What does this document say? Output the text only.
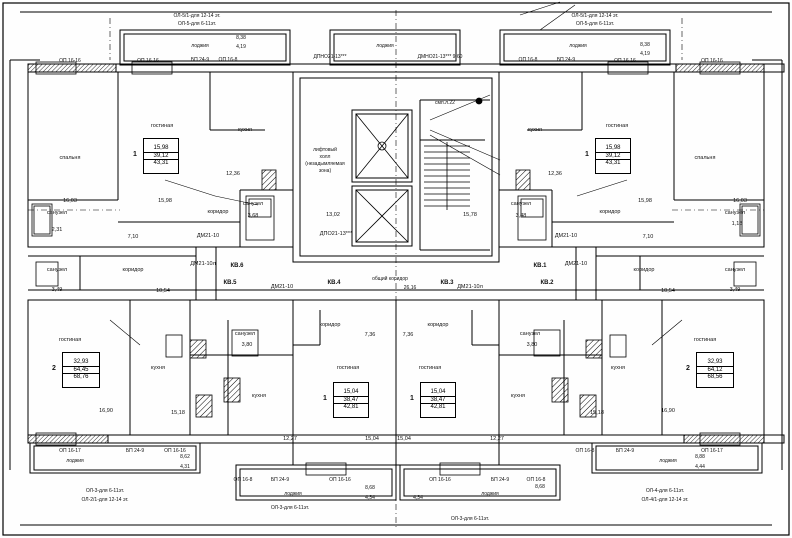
ОЛ-5/1-для 12-14 эт.
ОЛ-5-для 6-11эт.
ОЛ-5/1-для 12-14 эт.
ОЛ-5-для 6-11эт.
8,38
4,19	8,38
4,19
ОП 16-16	ОП 16-16	БП 24-9 ОП 16-8	ДПНО21-13***	ДМНО21-13*** 9,60	ОП 16-8	БП 24-9	ОП 16-16	ОП 16-16
лоджия	лоджия	лоджия
смп.л.22
спальня
гостиная
кухня
16,03	15,98
12,36
санузел
2,31
санузел
3,68	13,02
коридор
7,10	ДМ21-10	ДПО21-13***
спальня
гостиная
кухня
16,03
15,98
12,36
санузел
1,18
санузел
3,48
15,78	коридор
7,10
ДМ21-10
лифтовый
холл
(незадымляемая
зона)
общий коридор
26,16
КВ.6
КВ.5	КВ.4	КВ.3	КВ.2
КВ.1
санузел
3,49
коридор
10,54
ДМ21-10	ДМ21-10л
ДМ21-10л	ДМ21-10
коридор
10,54
санузел
3,49
гостиная
кухня
16,90	15,18
санузел
3,80
коридор
7,36
кухня
гостиная
12,27	15,04
гостиная
кухня
16,90
15,18
санузел
3,80
коридор
7,36
кухня
гостиная
12,27
15,04
ОП 16-17	БП 24-9	ОП 16-16
лоджия
8,62
4,31
ОП 16-8	БП 24-9	ОП 16-16	ОП 16-16	БП 24-9	ОП 16-8
лоджия	лоджия
8,68
4,34
8,68
4,34
ОП 16-8	БП 24-9	ОП 16-17
лоджия
8,88
4,44
ОЛ-3-для 6-11эт.
ОЛ-2/1-для 12-14 эт.
ОЛ-3-для 6-11эт.
ОЛ-3-для 6-11эт.
ОЛ-4-для 6-11эт.
ОЛ-4/1-для 12-14 эт.
1
15,98
39,12
43,31
1
15,98
39,12
43,31
2
32,93
64,45
68,76
2
32,93
64,12
68,56
1
15,04
38,47
42,81
1
15,04
38,47
42,81
